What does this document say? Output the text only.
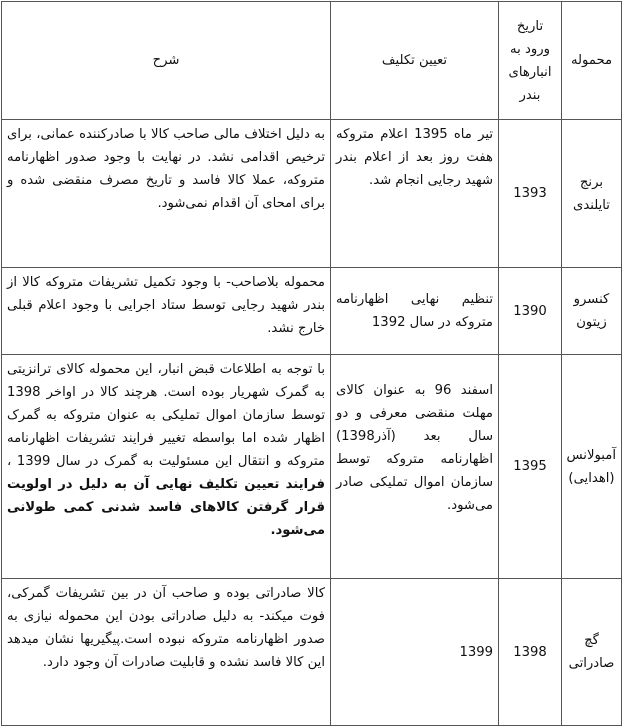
محموله	تاریخ ورود به انبارهای بندر	تعیین تکلیف	شرح
برنج تایلندی	1393	تیر ماه 1395 اعلام متروکه هفت روز بعد از اعلام بندر شهید رجایی انجام شد.	به دلیل اختلاف مالی صاحب کالا با صادرکننده عمانی، برای ترخیص اقدامی نشد. در نهایت با وجود صدور اظهارنامه متروکه، عملا کالا فاسد و تاریخ مصرف منقضی شده و برای امحای آن اقدام نمی‌شود.
کنسرو زیتون	1390	تنظیم نهایی اظهارنامه متروکه در سال 1392	محموله بلاصاحب- با وجود تکمیل تشریفات متروکه کالا از بندر شهید رجایی توسط ستاد اجرایی با وجود اعلام قبلی خارج نشد.
آمبولانس (اهدایی)	1395	اسفند 96 به عنوان کالای مهلت منقضی معرفی و دو سال بعد (آذر1398) اظهارنامه متروکه توسط سازمان اموال تملیکی صادر می‌شود.	با توجه به اطلاعات قبض انبار، این محموله کالای ترانزیتی به گمرک شهریار بوده است. هرچند کالا در اواخر 1398 توسط سازمان اموال تملیکی به عنوان متروکه به گمرک اظهار شده اما بواسطه تغییر فرایند تشریفات اظهارنامه متروکه و انتقال این مسئولیت به گمرک در سال 1399 ، فرایند تعیین تکلیف نهایی آن به دلیل در اولویت قرار گرفتن کالاهای فاسد شدنی کمی طولانی می‌شود.
گچ صادراتی	1398	1399	کالا صادراتی بوده و صاحب آن در بین تشریفات گمرکی، فوت میکند- به دلیل صادراتی بودن این محموله نیازی به صدور اظهارنامه متروکه نبوده است.پیگیریها نشان میدهد این کالا فاسد نشده و قابلیت صادرات آن وجود دارد.
